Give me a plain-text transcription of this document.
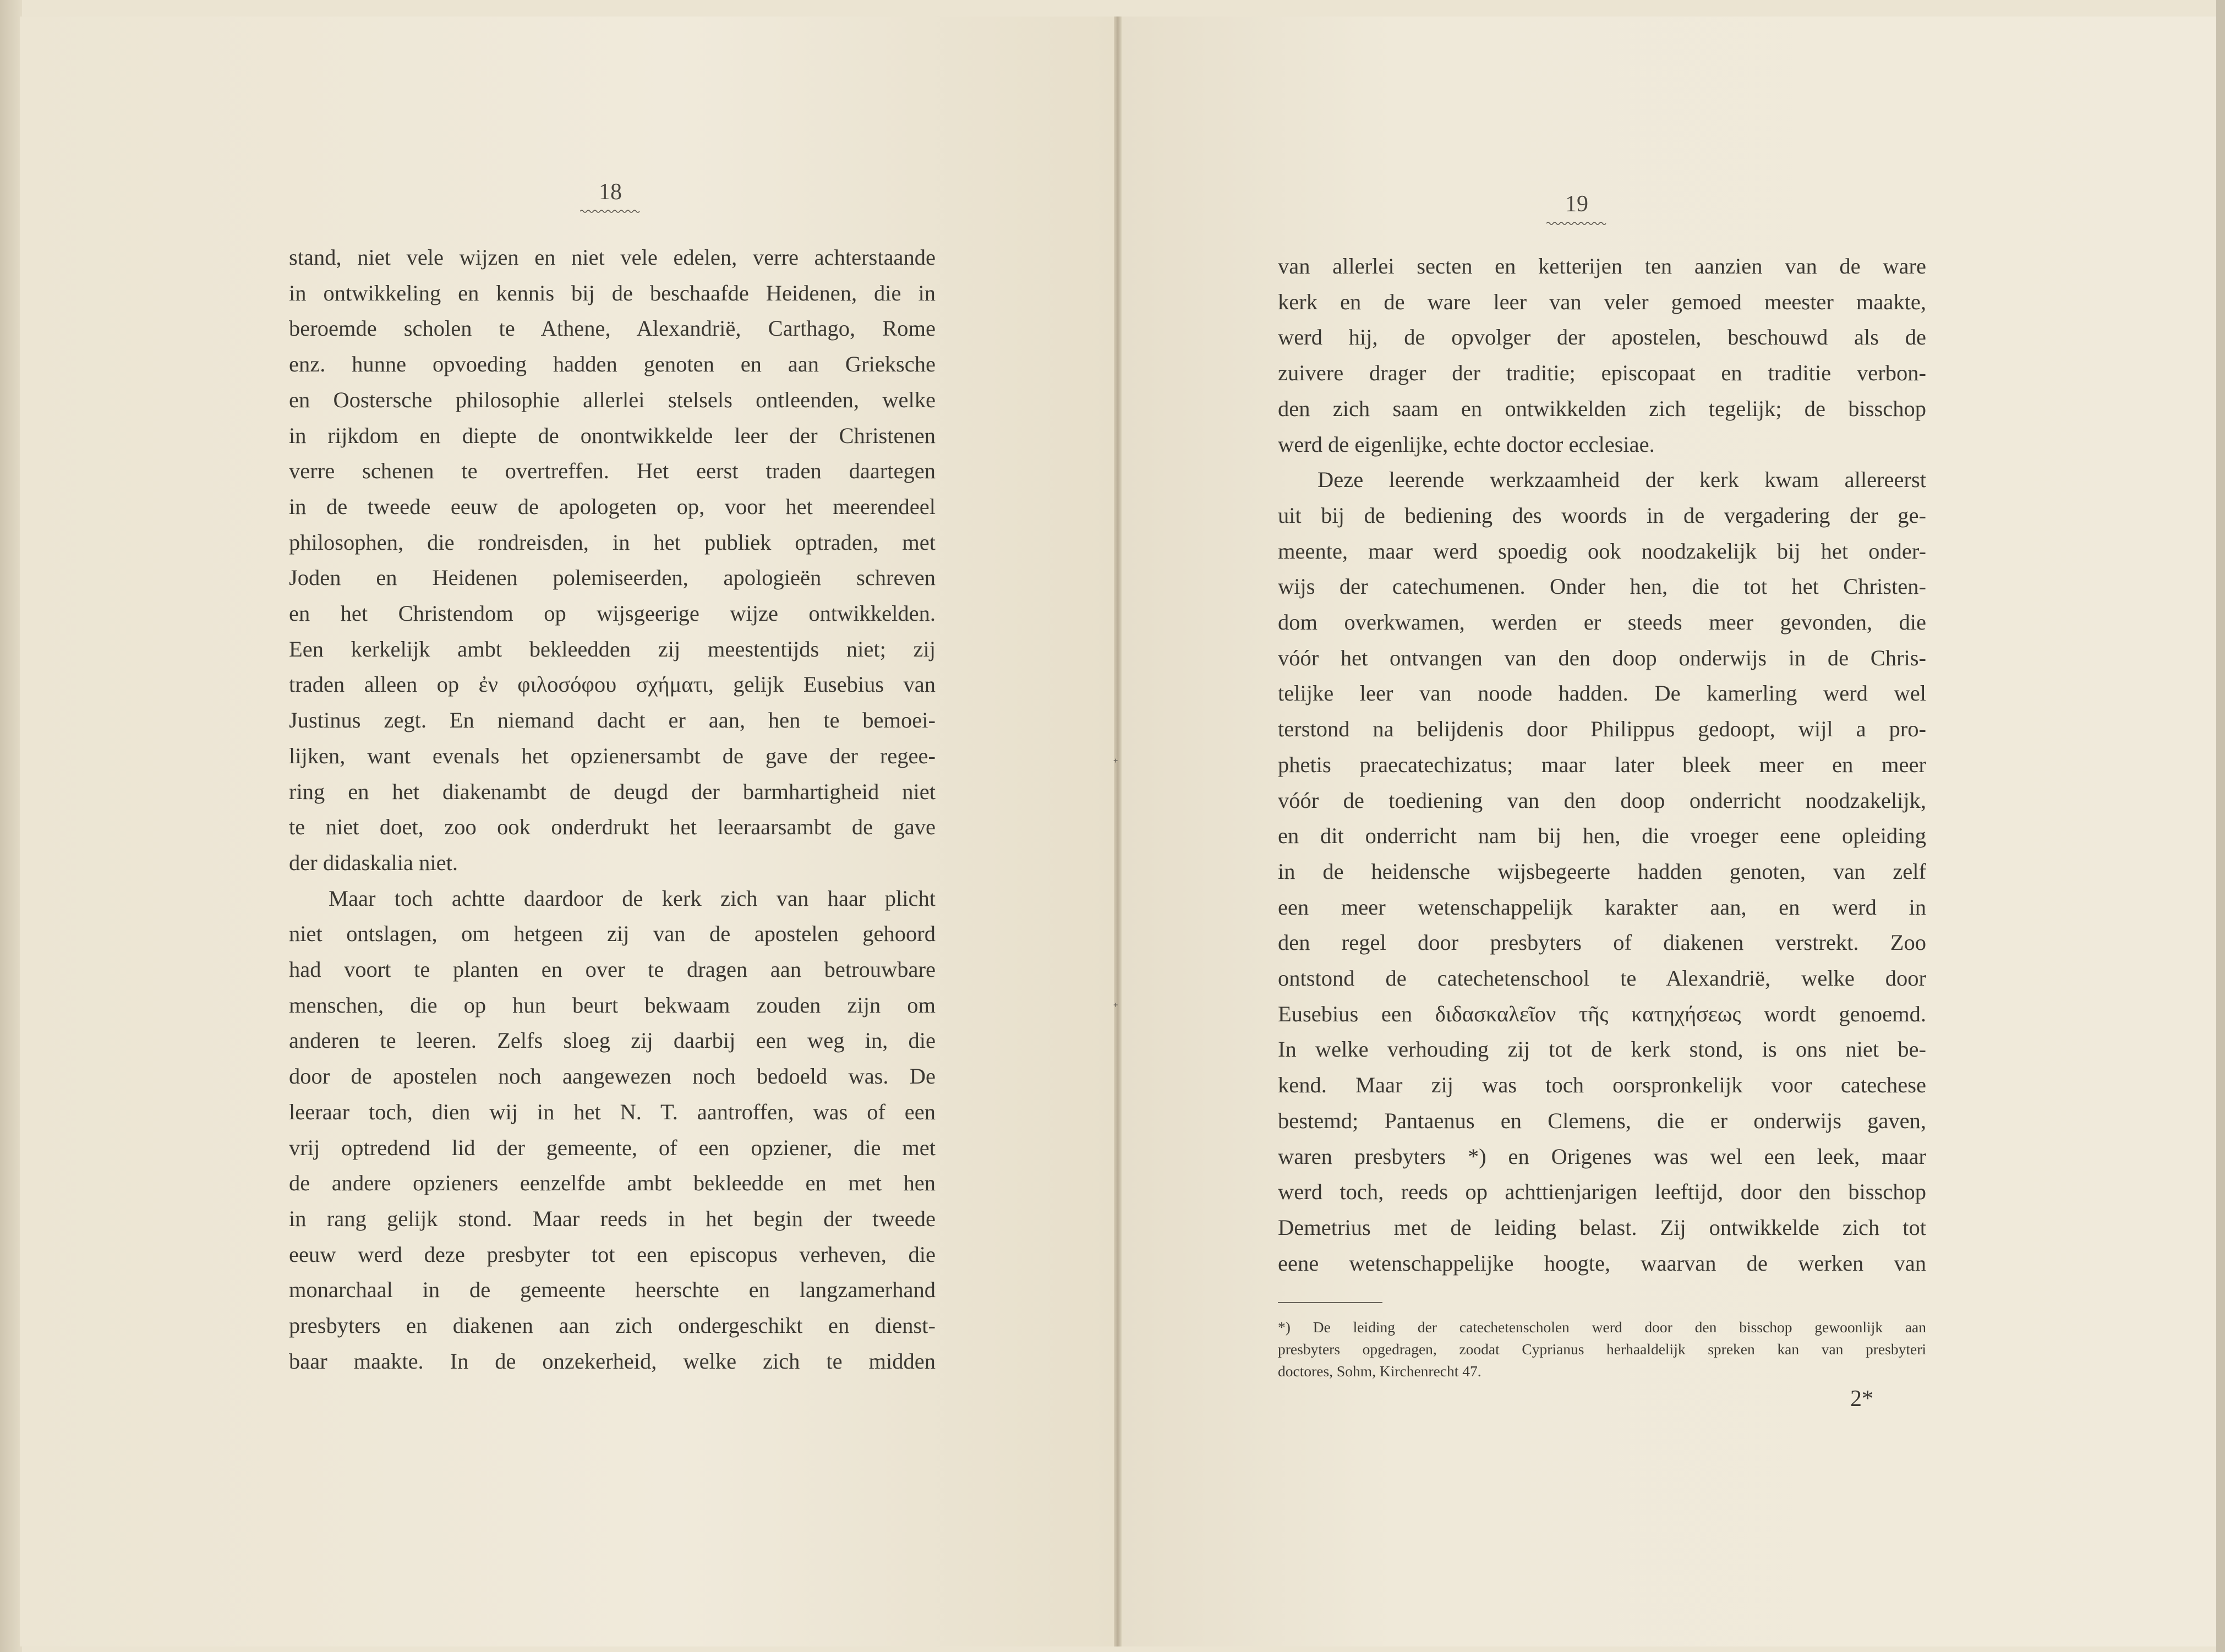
18	19
stand, niet vele wijzen en niet vele edelen, verre achterstaande
in ontwikkeling en kennis bij de beschaafde Heidenen, die in
beroemde scholen te Athene, Alexandrië, Carthago, Rome
enz. hunne opvoeding hadden genoten en aan Grieksche
en Oostersche philosophie allerlei stelsels ontleenden, welke
in rijkdom en diepte de onontwikkelde leer der Christenen
verre schenen te overtreffen. Het eerst traden daartegen
in de tweede eeuw de apologeten op, voor het meerendeel
philosophen, die rondreisden, in het publiek optraden, met
Joden en Heidenen polemiseerden, apologieën schreven
en het Christendom op wijsgeerige wijze ontwikkelden.
Een kerkelijk ambt bekleedden zij meestentijds niet; zij
traden alleen op ἐν φιλοσόφου σχήματι, gelijk Eusebius van
Justinus zegt. En niemand dacht er aan, hen te bemoei-
lijken, want evenals het opzienersambt de gave der regee-
ring en het diakenambt de deugd der barmhartigheid niet
te niet doet, zoo ook onderdrukt het leeraarsambt de gave
der didaskalia niet.
Maar toch achtte daardoor de kerk zich van haar plicht
niet ontslagen, om hetgeen zij van de apostelen gehoord
had voort te planten en over te dragen aan betrouwbare
menschen, die op hun beurt bekwaam zouden zijn om
anderen te leeren. Zelfs sloeg zij daarbij een weg in, die
door de apostelen noch aangewezen noch bedoeld was. De
leeraar toch, dien wij in het N. T. aantroffen, was of een
vrij optredend lid der gemeente, of een opziener, die met
de andere opzieners eenzelfde ambt bekleedde en met hen
in rang gelijk stond. Maar reeds in het begin der tweede
eeuw werd deze presbyter tot een episcopus verheven, die
monarchaal in de gemeente heerschte en langzamerhand
presbyters en diakenen aan zich ondergeschikt en dienst-
baar maakte. In de onzekerheid, welke zich te midden
van allerlei secten en ketterijen ten aanzien van de ware
kerk en de ware leer van veler gemoed meester maakte,
werd hij, de opvolger der apostelen, beschouwd als de
zuivere drager der traditie; episcopaat en traditie verbon-
den zich saam en ontwikkelden zich tegelijk; de bisschop
werd de eigenlijke, echte doctor ecclesiae.
Deze leerende werkzaamheid der kerk kwam allereerst
uit bij de bediening des woords in de vergadering der ge-
meente, maar werd spoedig ook noodzakelijk bij het onder-
wijs der catechumenen. Onder hen, die tot het Christen-
dom overkwamen, werden er steeds meer gevonden, die
vóór het ontvangen van den doop onderwijs in de Chris-
telijke leer van noode hadden. De kamerling werd wel
terstond na belijdenis door Philippus gedoopt, wijl a pro-
phetis praecatechizatus; maar later bleek meer en meer
vóór de toediening van den doop onderricht noodzakelijk,
en dit onderricht nam bij hen, die vroeger eene opleiding
in de heidensche wijsbegeerte hadden genoten, van zelf
een meer wetenschappelijk karakter aan, en werd in
den regel door presbyters of diakenen verstrekt. Zoo
ontstond de catechetenschool te Alexandrië, welke door
Eusebius een διδασκαλεῖον τῆς κατηχήσεως wordt genoemd.
In welke verhouding zij tot de kerk stond, is ons niet be-
kend. Maar zij was toch oorspronkelijk voor catechese
bestemd; Pantaenus en Clemens, die er onderwijs gaven,
waren presbyters *) en Origenes was wel een leek, maar
werd toch, reeds op achttienjarigen leeftijd, door den bisschop
Demetrius met de leiding belast. Zij ontwikkelde zich tot
eene wetenschappelijke hoogte, waarvan de werken van
*) De leiding der catechetenscholen werd door den bisschop gewoonlijk aan
presbyters opgedragen, zoodat Cyprianus herhaaldelijk spreken kan van presbyteri
doctores, Sohm, Kirchenrecht 47.
2*
